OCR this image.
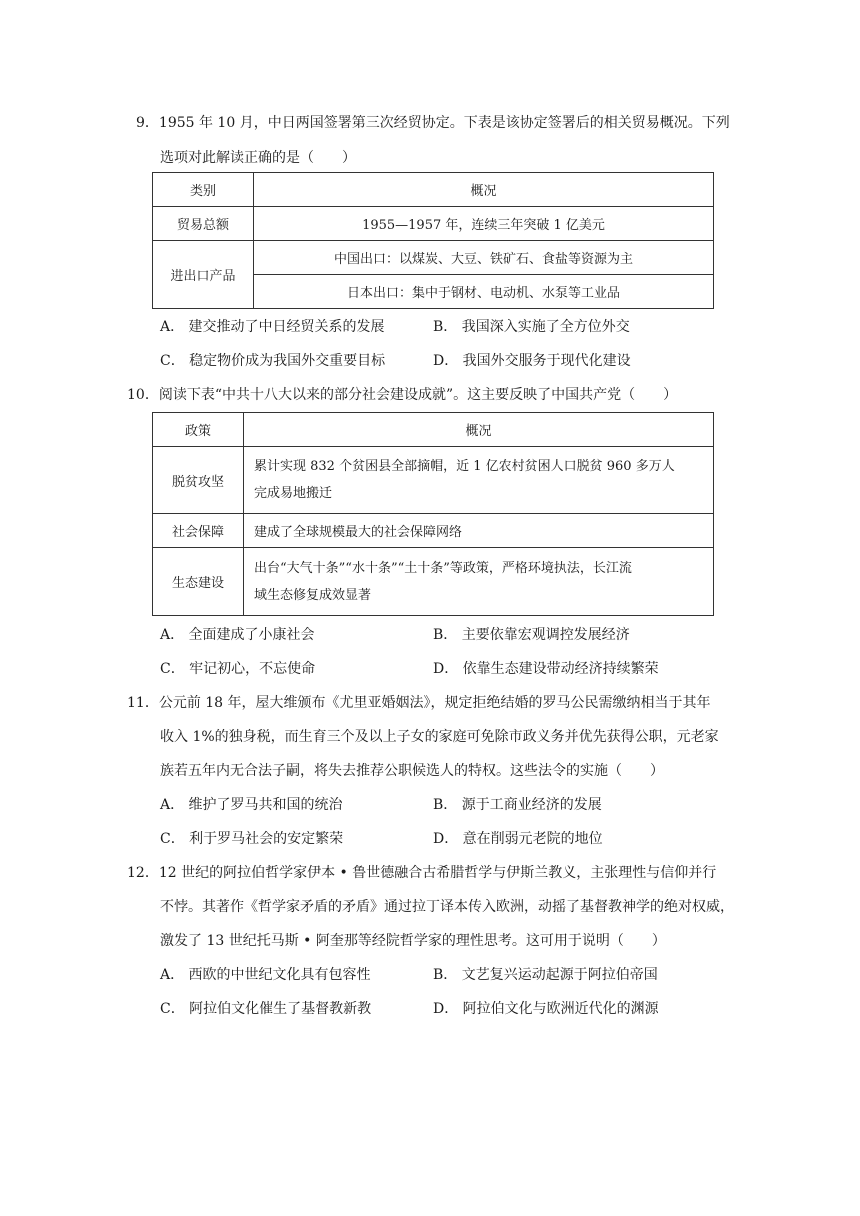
9．1955 年 10 月，中日两国签署第三次经贸协定。下表是该协定签署后的相关贸易概况。下列
选项对此解读正确的是（　　）
类别	概况
贸易总额	1955—1957 年，连续三年突破 1 亿美元
进出口产品	中国出口：以煤炭、大豆、铁矿石、食盐等资源为主
	日本出口：集中于钢材、电动机、水泵等工业品
A． 建交推动了中日经贸关系的发展	B． 我国深入实施了全方位外交
C． 稳定物价成为我国外交重要目标	D． 我国外交服务于现代化建设
10．阅读下表“中共十八大以来的部分社会建设成就”。这主要反映了中国共产党（　　）
政策	概况
脱贫攻坚	累计实现 832 个贫困县全部摘帽，近 1 亿农村贫困人口脱贫 960 多万人
完成易地搬迁

社会保障	建成了全球规模最大的社会保障网络
生态建设	出台“大气十条”“水十条”“土十条”等政策，严格环境执法，长江流
域生态修复成效显著
A． 全面建成了小康社会	B． 主要依靠宏观调控发展经济
C． 牢记初心，不忘使命	D． 依靠生态建设带动经济持续繁荣
11．公元前 18 年，屋大维颁布《尤里亚婚姻法》，规定拒绝结婚的罗马公民需缴纳相当于其年
收入 1%的独身税，而生育三个及以上子女的家庭可免除市政义务并优先获得公职，元老家
族若五年内无合法子嗣，将失去推荐公职候选人的特权。这些法令的实施（　　）
A． 维护了罗马共和国的统治	B． 源于工商业经济的发展
C． 利于罗马社会的安定繁荣	D． 意在削弱元老院的地位
12．12 世纪的阿拉伯哲学家伊本 • 鲁世德融合古希腊哲学与伊斯兰教义，主张理性与信仰并行
不悖。其著作《哲学家矛盾的矛盾》通过拉丁译本传入欧洲，动摇了基督教神学的绝对权威，
激发了 13 世纪托马斯 • 阿奎那等经院哲学家的理性思考。这可用于说明（　　）
A． 西欧的中世纪文化具有包容性	B． 文艺复兴运动起源于阿拉伯帝国
C． 阿拉伯文化催生了基督教新教	D． 阿拉伯文化与欧洲近代化的渊源
